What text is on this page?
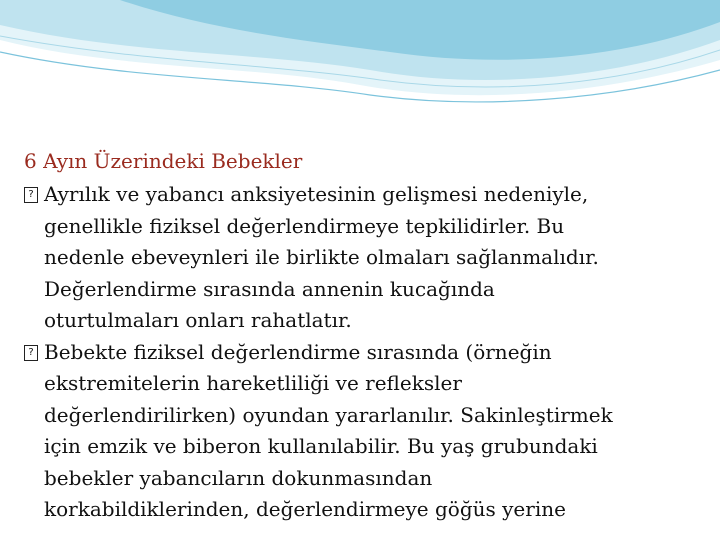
6 Ayın Üzerindeki Bebekler
? Ayrılık ve yabancı anksiyetesinin gelişmesi nedeniyle,
genellikle fiziksel değerlendirmeye tepkilidirler. Bu
nedenle ebeveynleri ile birlikte olmaları sağlanmalıdır.
Değerlendirme sırasında annenin kucağında
oturtulmaları onları rahatlatır.
? Bebekte fiziksel değerlendirme sırasında (örneğin
ekstremitelerin hareketliliği ve refleksler
değerlendirilirken) oyundan yararlanılır. Sakinleştirmek
için emzik ve biberon kullanılabilir. Bu yaş grubundaki
bebekler yabancıların dokunmasından
korkabildiklerinden, değerlendirmeye göğüs yerine
